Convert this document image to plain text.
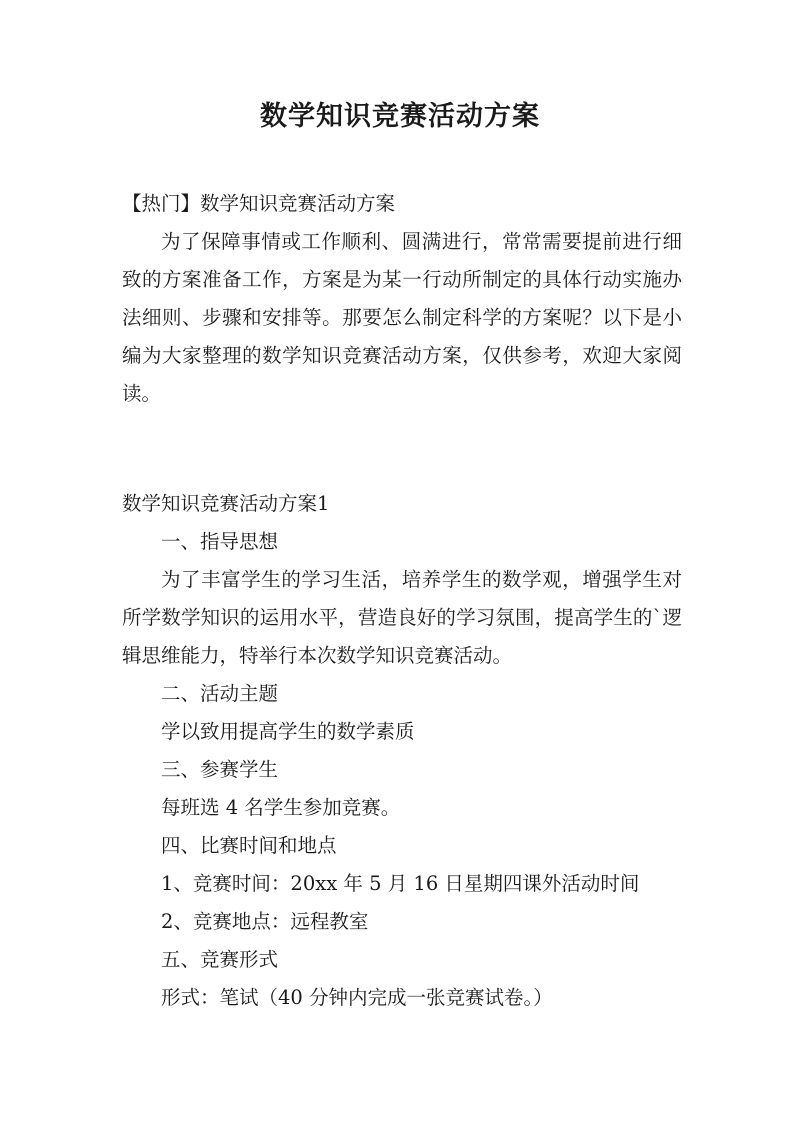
数学知识竞赛活动方案
【热门】数学知识竞赛活动方案

为了保障事情或工作顺利、圆满进行，常常需要提前进行细致的方案准备工作，方案是为某一行动所制定的具体行动实施办法细则、步骤和安排等。那要怎么制定科学的方案呢？以下是小编为大家整理的数学知识竞赛活动方案，仅供参考，欢迎大家阅读。

数学知识竞赛活动方案1
一、指导思想

为了丰富学生的学习生活，培养学生的数学观，增强学生对所学数学知识的运用水平，营造良好的学习氛围，提高学生的`逻辑思维能力，特举行本次数学知识竞赛活动。

二、活动主题
学以致用提高学生的数学素质
三、参赛学生
每班选 4 名学生参加竞赛。
四、比赛时间和地点
1、竞赛时间：20xx 年 5 月 16 日星期四课外活动时间
2、竞赛地点：远程教室
五、竞赛形式
形式：笔试（40 分钟内完成一张竞赛试卷。）
